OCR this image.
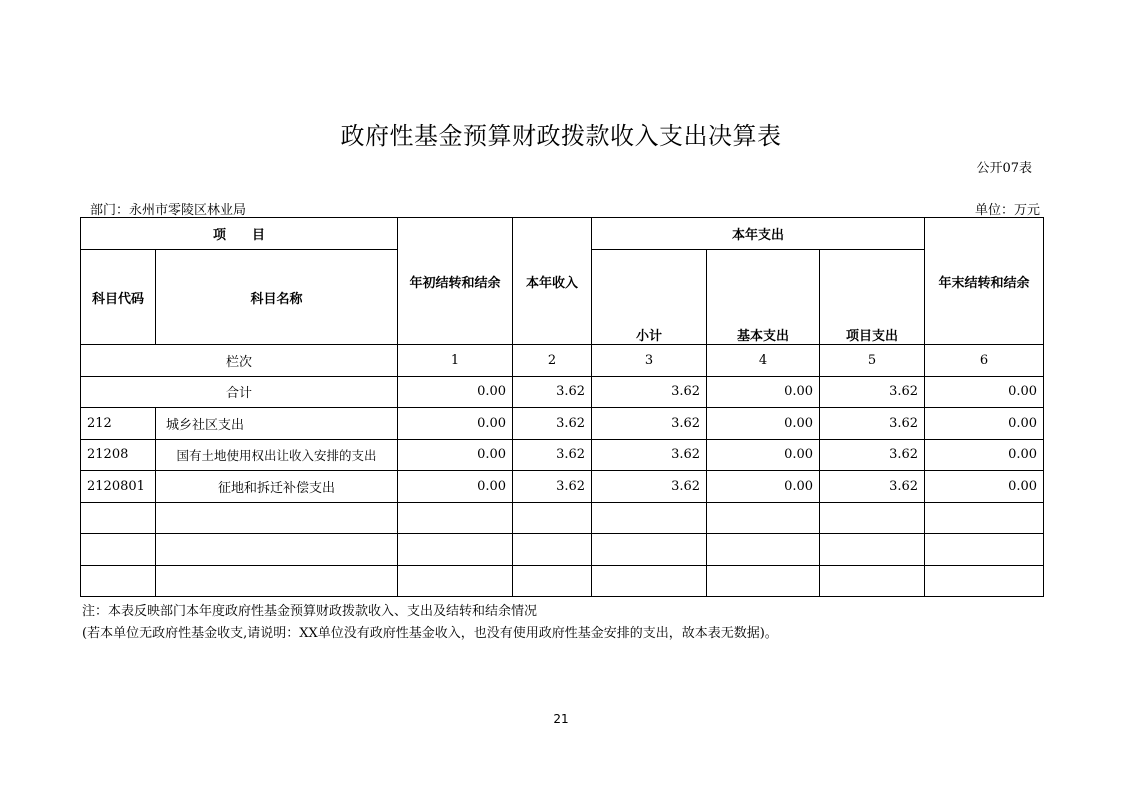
政府性基金预算财政拨款收入支出决算表
公开07表
部门：永州市零陵区林业局	单位：万元
项　　目		年初结转和结余	本年收入	本年支出			年末结转和结余
科目代码	科目名称			小计	基本支出	项目支出	
栏次		1	2	3	4	5	6
合计		0.00	3.62	3.62	0.00	3.62	0.00
212	城乡社区支出	0.00	3.62	3.62	0.00	3.62	0.00
21208	国有土地使用权出让收入安排的支出	0.00	3.62	3.62	0.00	3.62	0.00
2120801	征地和拆迁补偿支出	0.00	3.62	3.62	0.00	3.62	0.00

注：本表反映部门本年度政府性基金预算财政拨款收入、支出及结转和结余情况
(若本单位无政府性基金收支,请说明：XX单位没有政府性基金收入，也没有使用政府性基金安排的支出，故本表无数据)。
21
